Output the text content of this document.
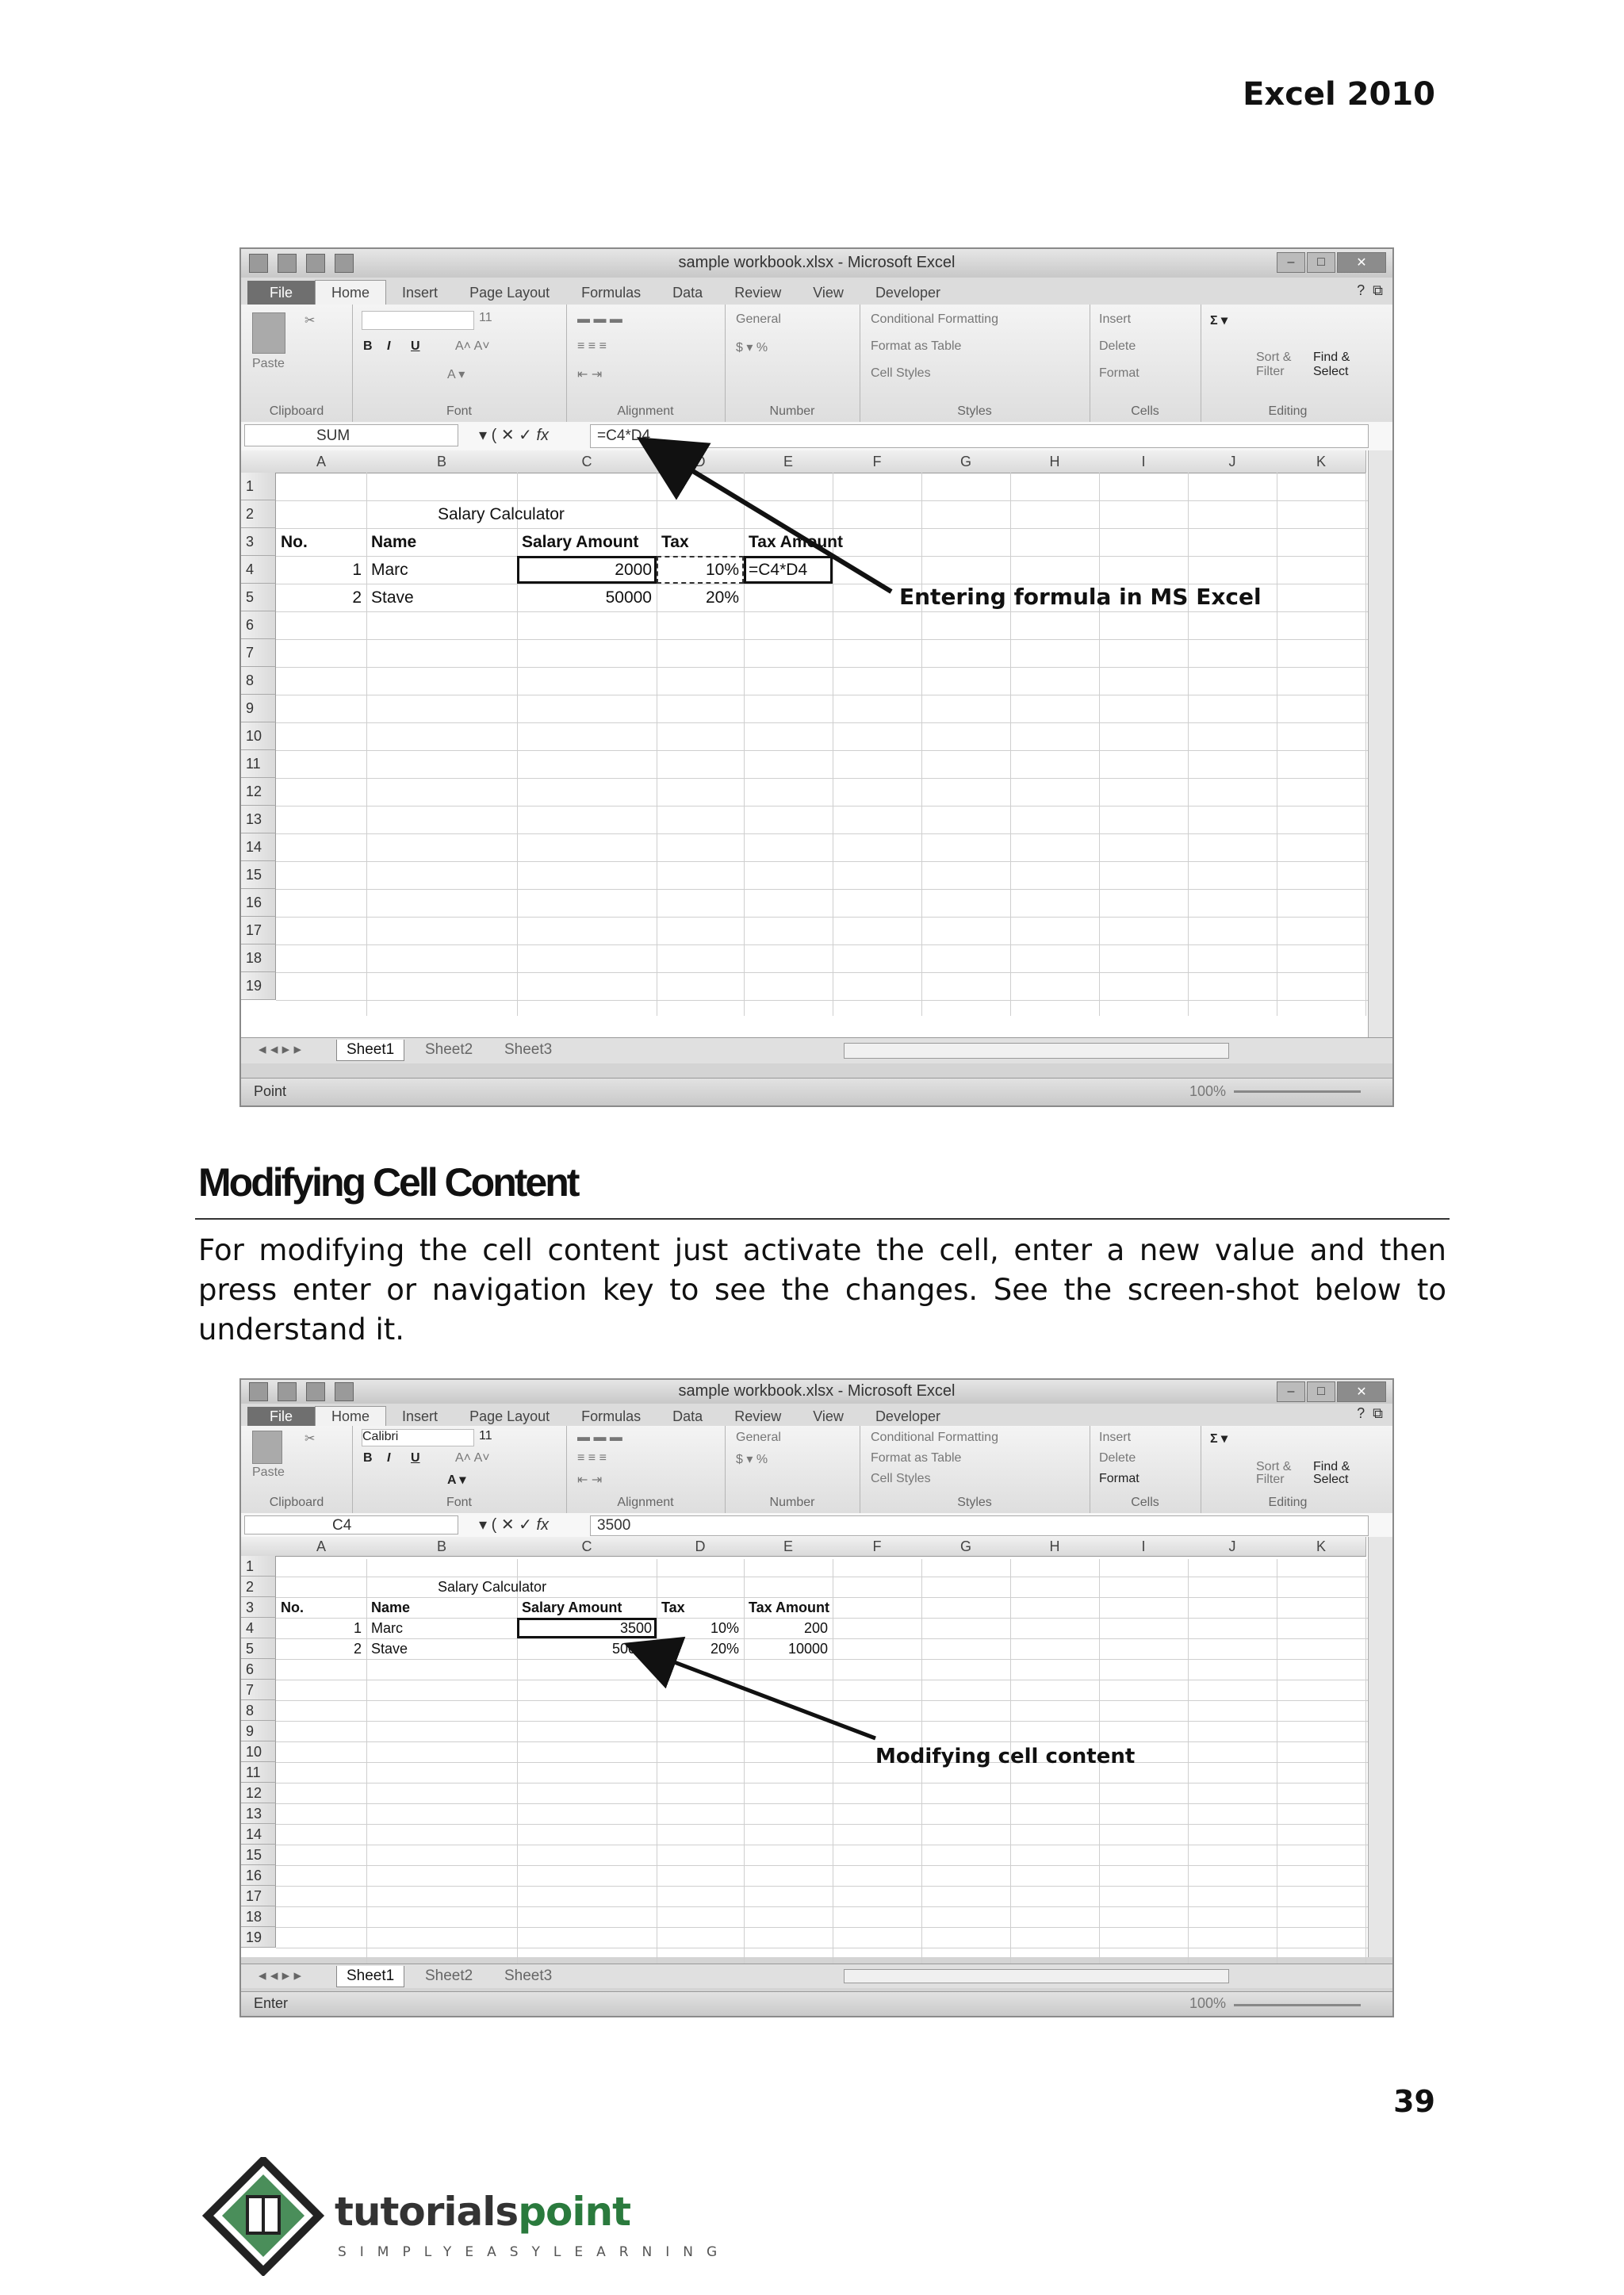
Excel 2010
sample workbook.xlsx - Microsoft Excel	–	□	✕
File	Home	Insert	Page Layout	Formulas	Data	Review	View	Developer	? ⧉
Paste
✂
Clipboard
11
B I U	A˄ A˅
A ▾
Font
▬ ▬ ▬
≡ ≡ ≡
⇤ ⇥
Alignment
General
$ ▾ %
Number
Conditional Formatting
Format as Table
Cell Styles
Styles
Insert
Delete
Format
Cells
Σ ▾
Sort & Filter
Find & Select
Editing
SUM	▾ ( ✕ ✓ fx	=C4*D4
A	B	C	D	E	F	G	H	I	J	K
1
2
3
4
5
6
7
8
9
10
11
12
13
14
15
16
17
18
19
Salary Calculator
No.	Name	Salary Amount Tax	Tax Amount
1 Marc	2000	10% =C4*D4
2 Stave	50000	20%
◂ ◂ ▸ ▸	Sheet1	Sheet2	Sheet3
Point	100%
Entering formula in MS Excel
Modifying Cell Content

For modifying the cell content just activate the cell, enter a new value and then press enter or navigation key to see the changes. See the screen-shot below to understand it.

sample workbook.xlsx - Microsoft Excel	–	□	✕
File	Home	Insert	Page Layout	Formulas	Data	Review	View	Developer	? ⧉
Paste
✂
Clipboard
Calibri	11
B I U	A˄ A˅
A ▾
Font
▬ ▬ ▬
≡ ≡ ≡
⇤ ⇥
Alignment
General
$ ▾ %
Number
Conditional Formatting
Format as Table
Cell Styles
Styles
Insert
Delete
Format
Cells
Σ ▾
Sort & Filter
Find & Select
Editing
C4	▾ ( ✕ ✓ fx	3500
A	B	C	D	E	F	G	H	I	J	K
1
2
3
4
5
6
7
8
9
10
11
12
13
14
15
16
17
18
19
Salary Calculator
No.	Name	Salary Amount	Tax	Tax Amount
1 Marc	3500	10%	200
2 Stave	50000	20%	10000
◂ ◂ ▸ ▸	Sheet1	Sheet2	Sheet3
Enter	100%
Modifying cell content
39
tutorialspoint
SIMPLYEASYLEARNING
